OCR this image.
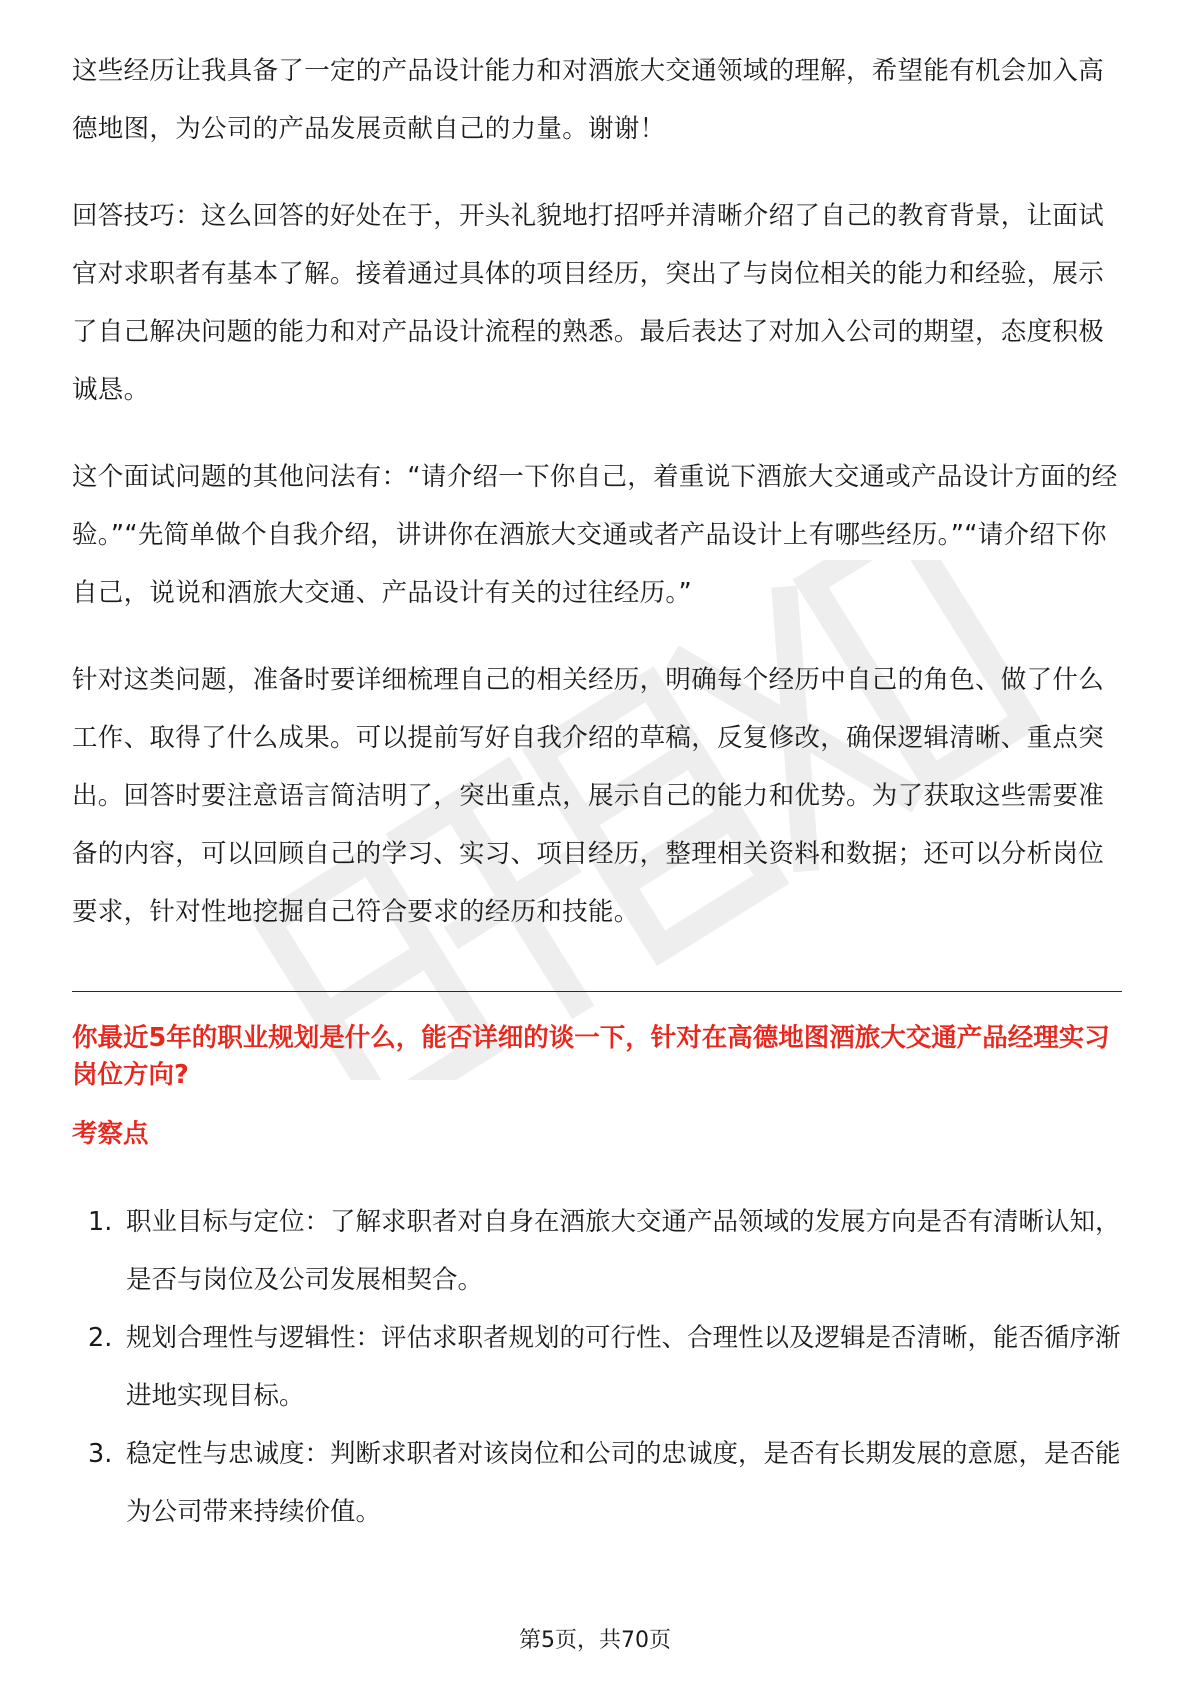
这些经历让我具备了一定的产品设计能力和对酒旅大交通领域的理解，希望能有机会加入高德地图，为公司的产品发展贡献自己的力量。谢谢！

回答技巧：这么回答的好处在于，开头礼貌地打招呼并清晰介绍了自己的教育背景，让面试官对求职者有基本了解。接着通过具体的项目经历，突出了与岗位相关的能力和经验，展示了自己解决问题的能力和对产品设计流程的熟悉。最后表达了对加入公司的期望，态度积极诚恳。

这个面试问题的其他问法有：“请介绍一下你自己，着重说下酒旅大交通或产品设计方面的经验。”“先简单做个自我介绍，讲讲你在酒旅大交通或者产品设计上有哪些经历。”“请介绍下你自己，说说和酒旅大交通、产品设计有关的过往经历。”

针对这类问题，准备时要详细梳理自己的相关经历，明确每个经历中自己的角色、做了什么工作、取得了什么成果。可以提前写好自我介绍的草稿，反复修改，确保逻辑清晰、重点突出。回答时要注意语言简洁明了，突出重点，展示自己的能力和优势。为了获取这些需要准备的内容，可以回顾自己的学习、实习、项目经历，整理相关资料和数据；还可以分析岗位要求，针对性地挖掘自己符合要求的经历和技能。

你最近5年的职业规划是什么，能否详细的谈一下，针对在高德地图酒旅大交通产品经理实习岗位方向?
考察点
1. 职业目标与定位：了解求职者对自身在酒旅大交通产品领域的发展方向是否有清晰认知，是否与岗位及公司发展相契合。
2. 规划合理性与逻辑性：评估求职者规划的可行性、合理性以及逻辑是否清晰，能否循序渐进地实现目标。
3. 稳定性与忠诚度：判断求职者对该岗位和公司的忠诚度，是否有长期发展的意愿，是否能为公司带来持续价值。
第5页，共70页
